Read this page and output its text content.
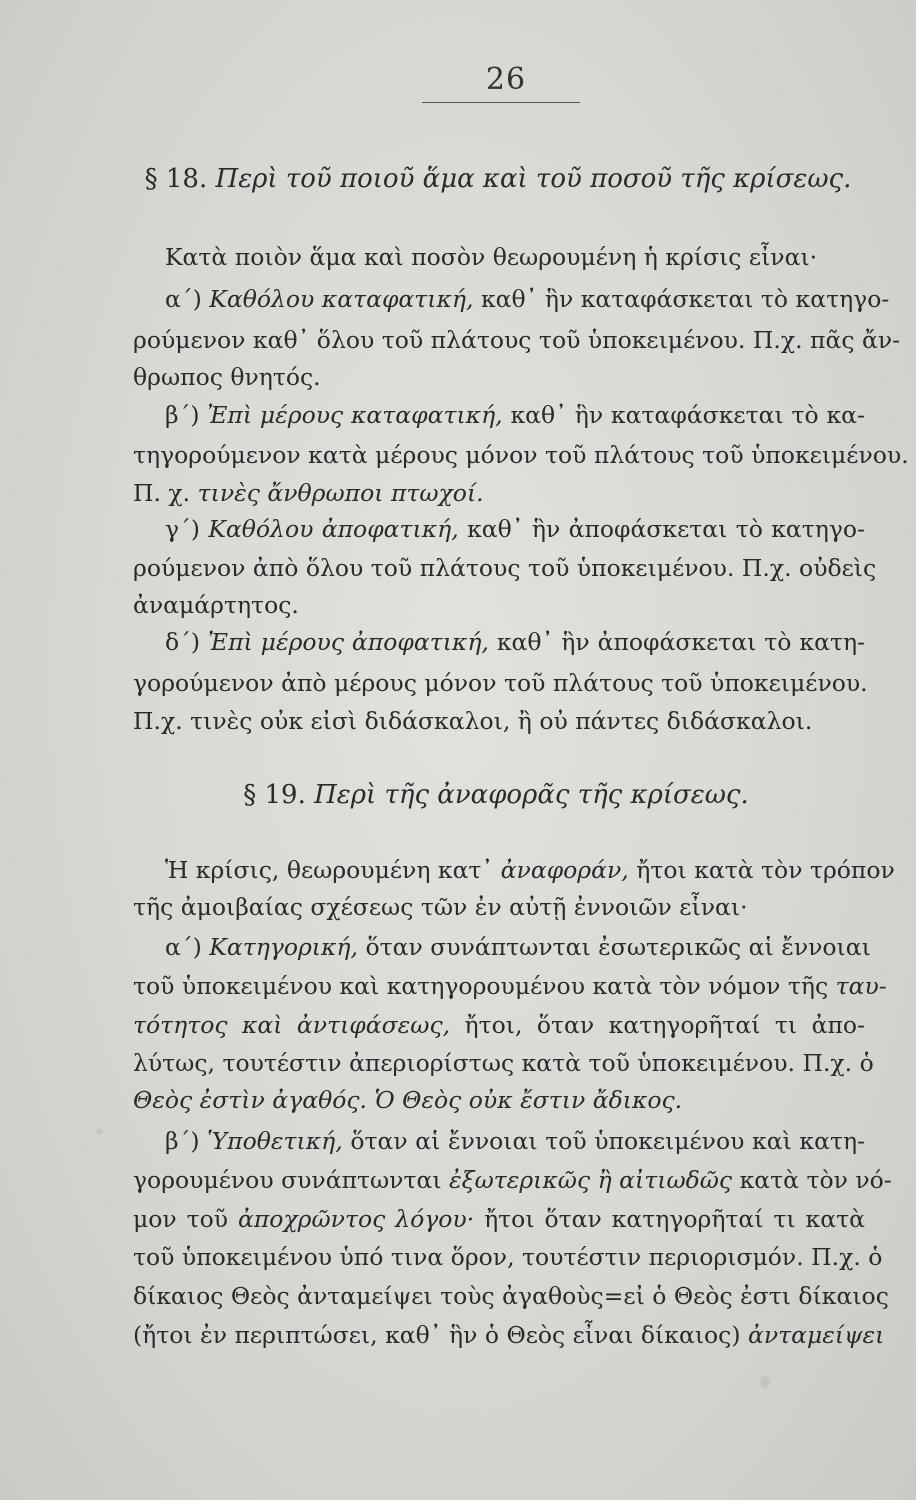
26
§ 18. Περὶ τοῦ ποιοῦ ἅμα καὶ τοῦ ποσοῦ τῆς κρίσεως.
Κατὰ ποιὸν ἅμα καὶ ποσὸν θεωρουμένη ἡ κρίσις εἶναι·
α΄) Καθόλου καταφατική, καθ᾿ ἣν καταφάσκεται τὸ κατηγο-
ρούμενον καθ᾿ ὅλου τοῦ πλάτους τοῦ ὑποκειμένου. Π.χ. πᾶς ἄν-
θρωπος θνητός.
β΄) Ἐπὶ μέρους καταφατική, καθ᾿ ἣν καταφάσκεται τὸ κα-
τηγορούμενον κατὰ μέρους μόνον τοῦ πλάτους τοῦ ὑποκειμένου.
Π. χ. τινὲς ἄνθρωποι πτωχοί.
γ΄) Καθόλου ἀποφατική, καθ᾿ ἣν ἀποφάσκεται τὸ κατηγο-
ρούμενον ἀπὸ ὅλου τοῦ πλάτους τοῦ ὑποκειμένου. Π.χ. οὐδεὶς
ἀναμάρτητος.
δ΄) Ἐπὶ μέρους ἀποφατική, καθ᾿ ἣν ἀποφάσκεται τὸ κατη-
γορούμενον ἀπὸ μέρους μόνον τοῦ πλάτους τοῦ ὑποκειμένου.
Π.χ. τινὲς οὐκ εἰσὶ διδάσκαλοι, ἢ οὐ πάντες διδάσκαλοι.
§ 19. Περὶ τῆς ἀναφορᾶς τῆς κρίσεως.
Ἡ κρίσις, θεωρουμένη κατ᾿ ἀναφοράν, ἤτοι κατὰ τὸν τρόπον
τῆς ἀμοιβαίας σχέσεως τῶν ἐν αὐτῇ ἐννοιῶν εἶναι·
α΄) Κατηγορική, ὅταν συνάπτωνται ἐσωτερικῶς αἱ ἔννοιαι
τοῦ ὑποκειμένου καὶ κατηγορουμένου κατὰ τὸν νόμον τῆς ταυ-
τότητος καὶ ἀντιφάσεως, ἤτοι, ὅταν κατηγορῆταί τι ἀπο-
λύτως, τουτέστιν ἀπεριορίστως κατὰ τοῦ ὑποκειμένου. Π.χ. ὁ
Θεὸς ἐστὶν ἀγαθός. Ὁ Θεὸς οὐκ ἔστιν ἄδικος.
β΄) Ὑποθετική, ὅταν αἱ ἔννοιαι τοῦ ὑποκειμένου καὶ κατη-
γορουμένου συνάπτωνται ἐξωτερικῶς ἢ αἰτιωδῶς κατὰ τὸν νό-
μον τοῦ ἀποχρῶντος λόγου· ἤτοι ὅταν κατηγορῆταί τι κατὰ
τοῦ ὑποκειμένου ὑπό τινα ὅρον, τουτέστιν περιορισμόν. Π.χ. ὁ
δίκαιος Θεὸς ἀνταμείψει τοὺς ἀγαθοὺς=εἰ ὁ Θεὸς ἐστι δίκαιος
(ἤτοι ἐν περιπτώσει, καθ᾿ ἣν ὁ Θεὸς εἶναι δίκαιος) ἀνταμείψει
